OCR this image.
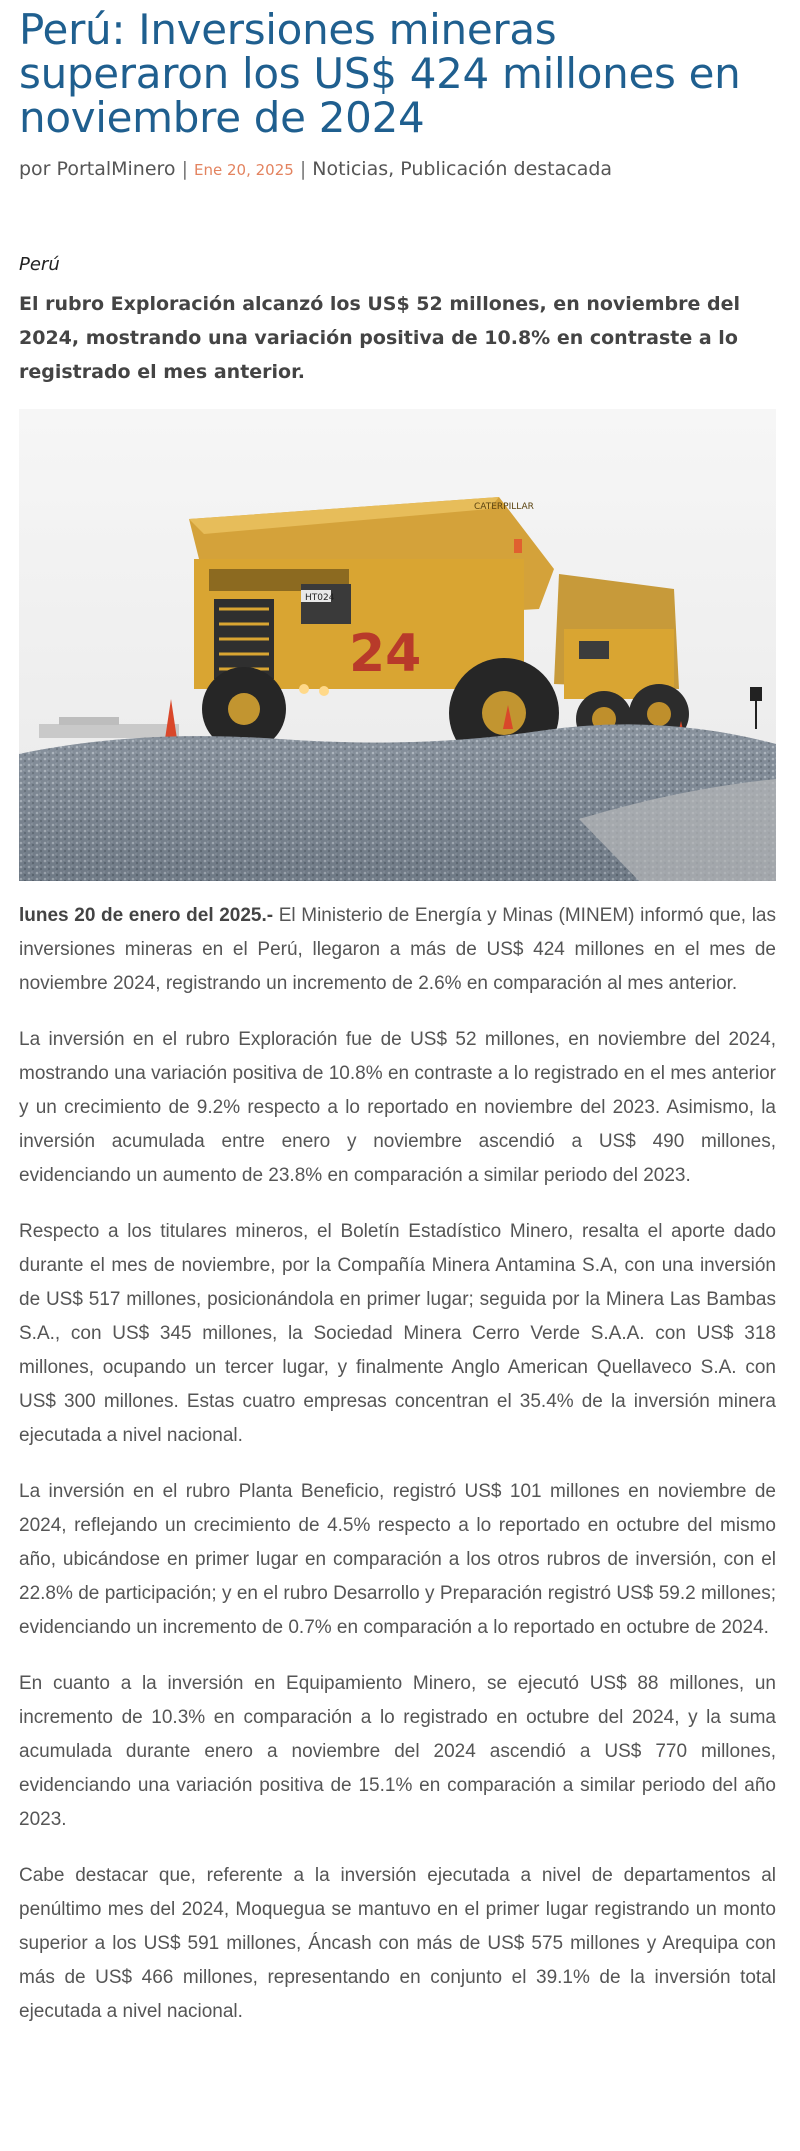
Perú: Inversiones mineras superaron los US$ 424 millones en noviembre de 2024
por PortalMinero | Ene 20, 2025 | Noticias, Publicación destacada
Perú
El rubro Exploración alcanzó los US$ 52 millones, en noviembre del 2024, mostrando una variación positiva de 10.8% en contraste a lo registrado el mes anterior.
HT024
CATERPILLAR
24

lunes 20 de enero del 2025.- El Ministerio de Energía y Minas (MINEM) informó que, las inversiones mineras en el Perú, llegaron a más de US$ 424 millones en el mes de noviembre 2024, registrando un incremento de 2.6% en comparación al mes anterior.

La inversión en el rubro Exploración fue de US$ 52 millones, en noviembre del 2024, mostrando una variación positiva de 10.8% en contraste a lo registrado en el mes anterior y un crecimiento de 9.2% respecto a lo reportado en noviembre del 2023. Asimismo, la inversión acumulada entre enero y noviembre ascendió a US$ 490 millones, evidenciando un aumento de 23.8% en comparación a similar periodo del 2023.

Respecto a los titulares mineros, el Boletín Estadístico Minero, resalta el aporte dado durante el mes de noviembre, por la Compañía Minera Antamina S.A, con una inversión de US$ 517 millones, posicionándola en primer lugar; seguida por la Minera Las Bambas S.A., con US$ 345 millones, la Sociedad Minera Cerro Verde S.A.A. con US$ 318 millones, ocupando un tercer lugar, y finalmente Anglo American Quellaveco S.A. con US$ 300 millones. Estas cuatro empresas concentran el 35.4% de la inversión minera ejecutada a nivel nacional.

La inversión en el rubro Planta Beneficio, registró US$ 101 millones en noviembre de 2024, reflejando un crecimiento de 4.5% respecto a lo reportado en octubre del mismo año, ubicándose en primer lugar en comparación a los otros rubros de inversión, con el 22.8% de participación; y en el rubro Desarrollo y Preparación registró US$ 59.2 millones; evidenciando un incremento de 0.7% en comparación a lo reportado en octubre de 2024.

En cuanto a la inversión en Equipamiento Minero, se ejecutó US$ 88 millones, un incremento de 10.3% en comparación a lo registrado en octubre del 2024, y la suma acumulada durante enero a noviembre del 2024 ascendió a US$ 770 millones, evidenciando una variación positiva de 15.1% en comparación a similar periodo del año 2023.

Cabe destacar que, referente a la inversión ejecutada a nivel de departamentos al penúltimo mes del 2024, Moquegua se mantuvo en el primer lugar registrando un monto superior a los US$ 591 millones, Áncash con más de US$ 575 millones y Arequipa con más de US$ 466 millones, representando en conjunto el 39.1% de la inversión total ejecutada a nivel nacional.
